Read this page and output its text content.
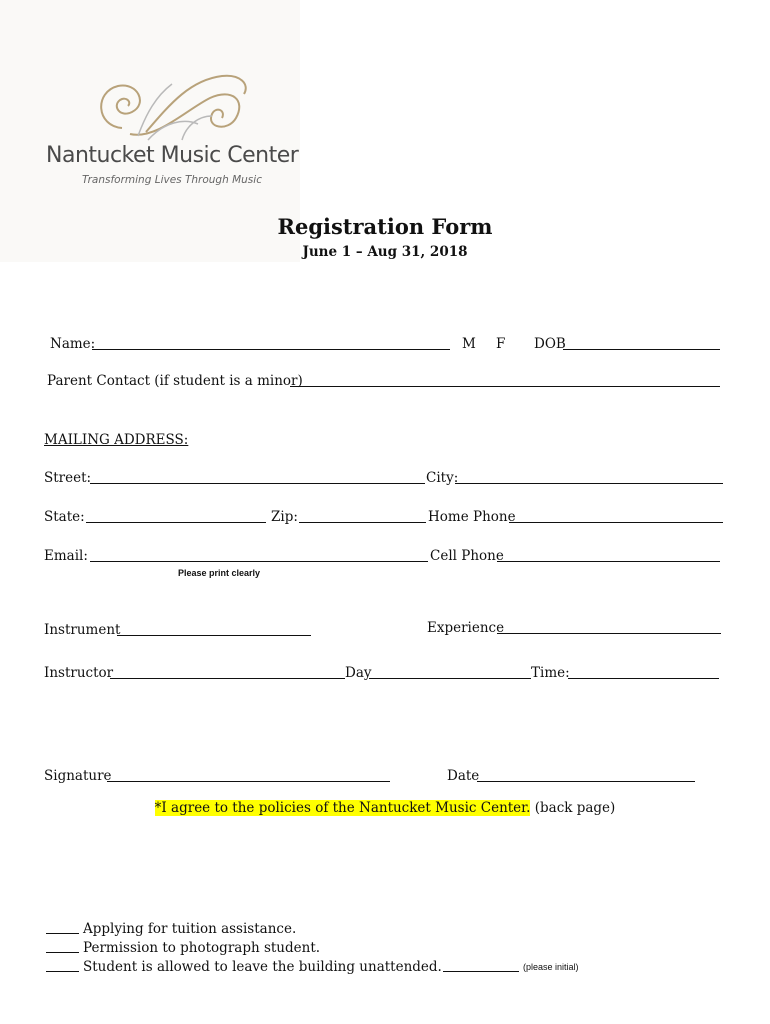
Nantucket Music Center
Transforming Lives Through Music
Registration Form
June 1 – Aug 31, 2018
Name:	M F DOB
Parent Contact (if student is a minor)
MAILING ADDRESS:
Street:	City:
State:	Zip:	Home Phone
Email:	Cell Phone
Please print clearly
Instrument	Experience
Instructor	Day	Time:
Signature	Date
*I agree to the policies of the Nantucket Music Center. (back page)
Applying for tuition assistance.
Permission to photograph student.
Student is allowed to leave the building unattended.	(please initial)
